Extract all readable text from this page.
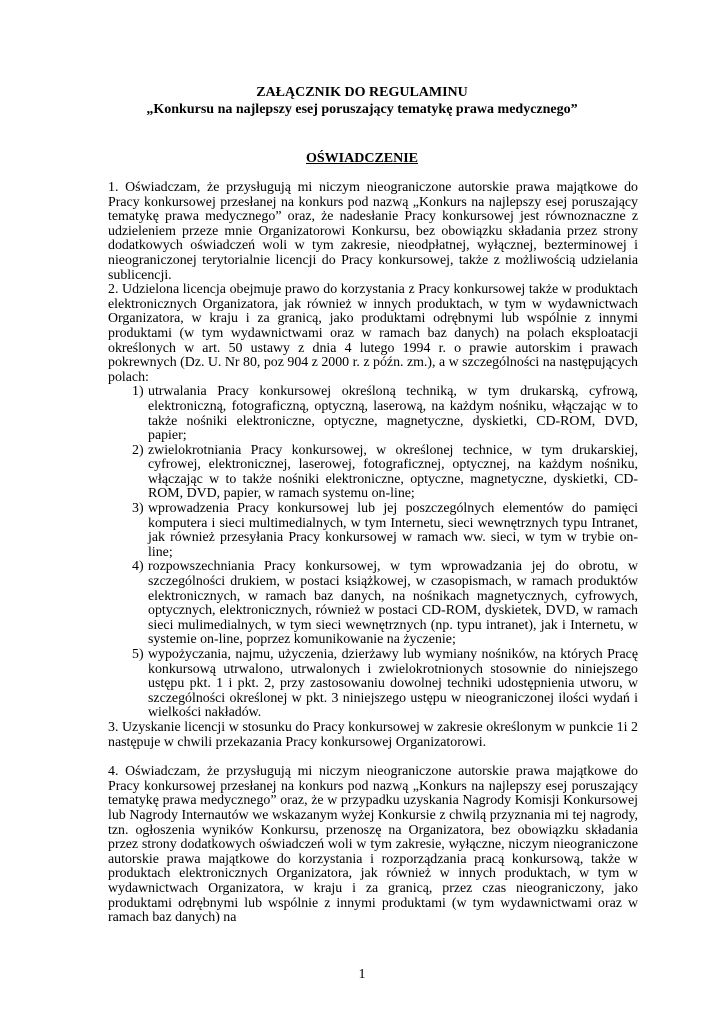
ZAŁĄCZNIK DO REGULAMINU
„Konkursu na najlepszy esej poruszający tematykę prawa medycznego”
OŚWIADCZENIE

1. Oświadczam, że przysługują mi niczym nieograniczone autorskie prawa majątkowe do Pracy konkursowej przesłanej na konkurs pod nazwą „Konkurs na najlepszy esej poruszający tematykę prawa medycznego” oraz, że nadesłanie Pracy konkursowej jest równoznaczne z udzieleniem przeze mnie Organizatorowi Konkursu, bez obowiązku składania przez strony dodatkowych oświadczeń woli w tym zakresie, nieodpłatnej, wyłącznej, bezterminowej i nieograniczonej terytorialnie licencji do Pracy konkursowej, także z możliwością udzielania sublicencji.

2. Udzielona licencja obejmuje prawo do korzystania z Pracy konkursowej także w produktach elektronicznych Organizatora, jak również w innych produktach, w tym w wydawnictwach Organizatora, w kraju i za granicą, jako produktami odrębnymi lub wspólnie z innymi produktami (w tym wydawnictwami oraz w ramach baz danych) na polach eksploatacji określonych w art. 50 ustawy z dnia 4 lutego 1994 r. o prawie autorskim i prawach pokrewnych (Dz. U. Nr 80, poz 904 z 2000 r. z późn. zm.), a w szczególności na następujących polach:

1) utrwalania Pracy konkursowej określoną techniką, w tym drukarską, cyfrową, elektroniczną, fotograficzną, optyczną, laserową, na każdym nośniku, włączając w to także nośniki elektroniczne, optyczne, magnetyczne, dyskietki, CD-ROM, DVD, papier;
2) zwielokrotniania Pracy konkursowej, w określonej technice, w tym drukarskiej, cyfrowej, elektronicznej, laserowej, fotograficznej, optycznej, na każdym nośniku, włączając w to także nośniki elektroniczne, optyczne, magnetyczne, dyskietki, CD-ROM, DVD, papier, w ramach systemu on-line;
3) wprowadzenia Pracy konkursowej lub jej poszczególnych elementów do pamięci komputera i sieci multimedialnych, w tym Internetu, sieci wewnętrznych typu Intranet, jak również przesyłania Pracy konkursowej w ramach ww. sieci, w tym w trybie on-line;
4) rozpowszechniania Pracy konkursowej, w tym wprowadzania jej do obrotu, w szczególności drukiem, w postaci książkowej, w czasopismach, w ramach produktów elektronicznych, w ramach baz danych, na nośnikach magnetycznych, cyfrowych, optycznych, elektronicznych, również w postaci CD-ROM, dyskietek, DVD, w ramach sieci mulimedialnych, w tym sieci wewnętrznych (np. typu intranet), jak i Internetu, w systemie on-line, poprzez komunikowanie na życzenie;
5) wypożyczania, najmu, użyczenia, dzierżawy lub wymiany nośników, na których Pracę konkursową utrwalono, utrwalonych i zwielokrotnionych stosownie do niniejszego ustępu pkt. 1 i pkt. 2, przy zastosowaniu dowolnej techniki udostępnienia utworu, w szczególności określonej w pkt. 3 niniejszego ustępu w nieograniczonej ilości wydań i wielkości nakładów.

3. Uzyskanie licencji w stosunku do Pracy konkursowej w zakresie określonym w punkcie 1i 2 następuje w chwili przekazania Pracy konkursowej Organizatorowi.

4. Oświadczam, że przysługują mi niczym nieograniczone autorskie prawa majątkowe do Pracy konkursowej przesłanej na konkurs pod nazwą „Konkurs na najlepszy esej poruszający tematykę prawa medycznego” oraz, że w przypadku uzyskania Nagrody Komisji Konkursowej lub Nagrody Internautów we wskazanym wyżej Konkursie z chwilą przyznania mi tej nagrody, tzn. ogłoszenia wyników Konkursu, przenoszę na Organizatora, bez obowiązku składania przez strony dodatkowych oświadczeń woli w tym zakresie, wyłączne, niczym nieograniczone autorskie prawa majątkowe do korzystania i rozporządzania pracą konkursową, także w produktach elektronicznych Organizatora, jak również w innych produktach, w tym w wydawnictwach Organizatora, w kraju i za granicą, przez czas nieograniczony, jako produktami odrębnymi lub wspólnie z innymi produktami (w tym wydawnictwami oraz w ramach baz danych) na

1
